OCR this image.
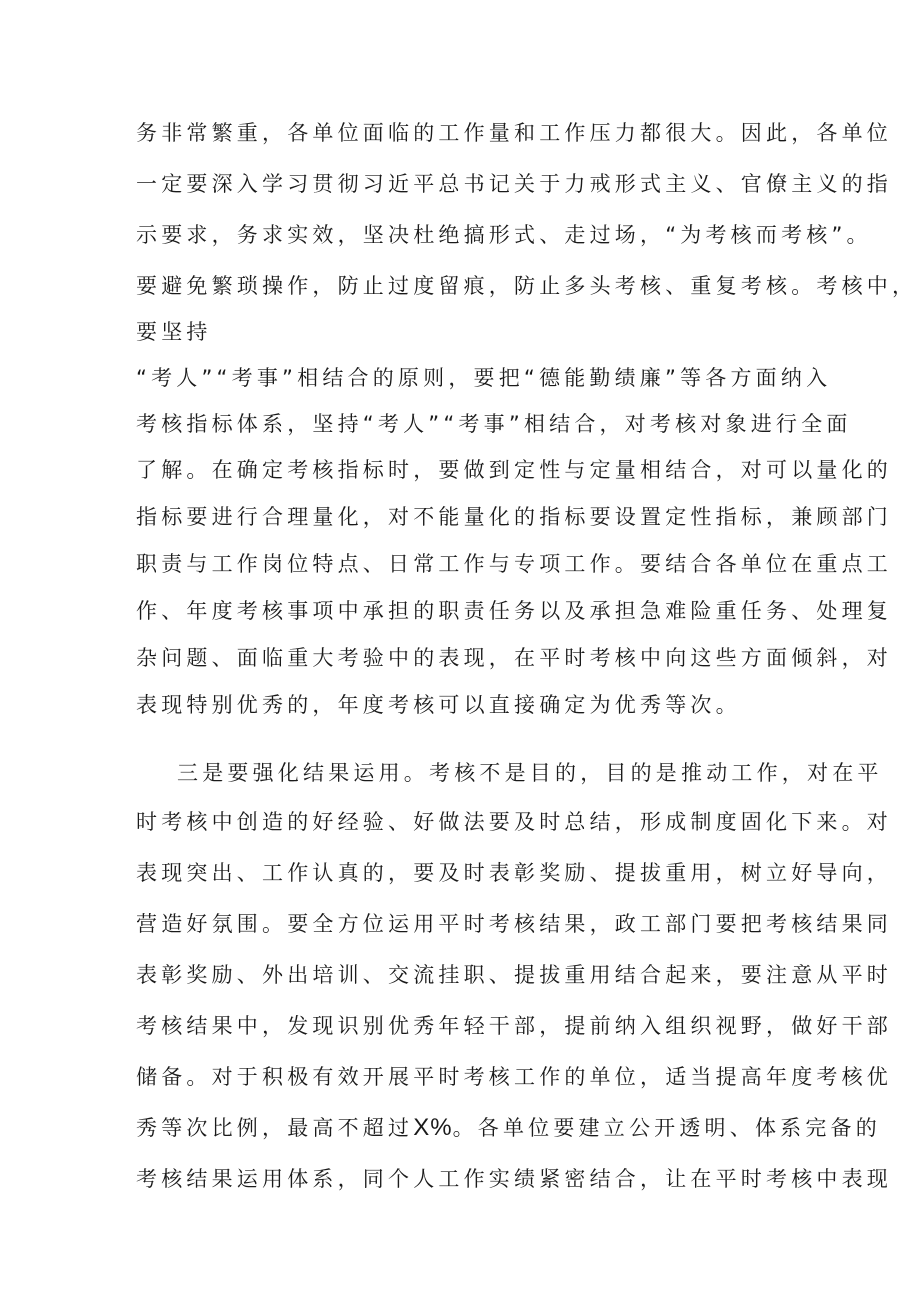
务非常繁重，各单位面临的工作量和工作压力都很大。因此，各单位
一定要深入学习贯彻习近平总书记关于力戒形式主义、官僚主义的指
示要求，务求实效，坚决杜绝搞形式、走过场，“为考核而考核”。
要避免繁琐操作，防止过度留痕，防止多头考核、重复考核。考核中，
要坚持
“考人”“考事”相结合的原则，要把“德能勤绩廉”等各方面纳入
考核指标体系，坚持“考人”“考事”相结合，对考核对象进行全面
了解。在确定考核指标时，要做到定性与定量相结合，对可以量化的
指标要进行合理量化，对不能量化的指标要设置定性指标，兼顾部门
职责与工作岗位特点、日常工作与专项工作。要结合各单位在重点工
作、年度考核事项中承担的职责任务以及承担急难险重任务、处理复
杂问题、面临重大考验中的表现，在平时考核中向这些方面倾斜，对
表现特别优秀的，年度考核可以直接确定为优秀等次。
三是要强化结果运用。考核不是目的，目的是推动工作，对在平
时考核中创造的好经验、好做法要及时总结，形成制度固化下来。对
表现突出、工作认真的，要及时表彰奖励、提拔重用，树立好导向，
营造好氛围。要全方位运用平时考核结果，政工部门要把考核结果同
表彰奖励、外出培训、交流挂职、提拔重用结合起来，要注意从平时
考核结果中，发现识别优秀年轻干部，提前纳入组织视野，做好干部
储备。对于积极有效开展平时考核工作的单位，适当提高年度考核优
秀等次比例，最高不超过X%。各单位要建立公开透明、体系完备的
考核结果运用体系，同个人工作实绩紧密结合，让在平时考核中表现
